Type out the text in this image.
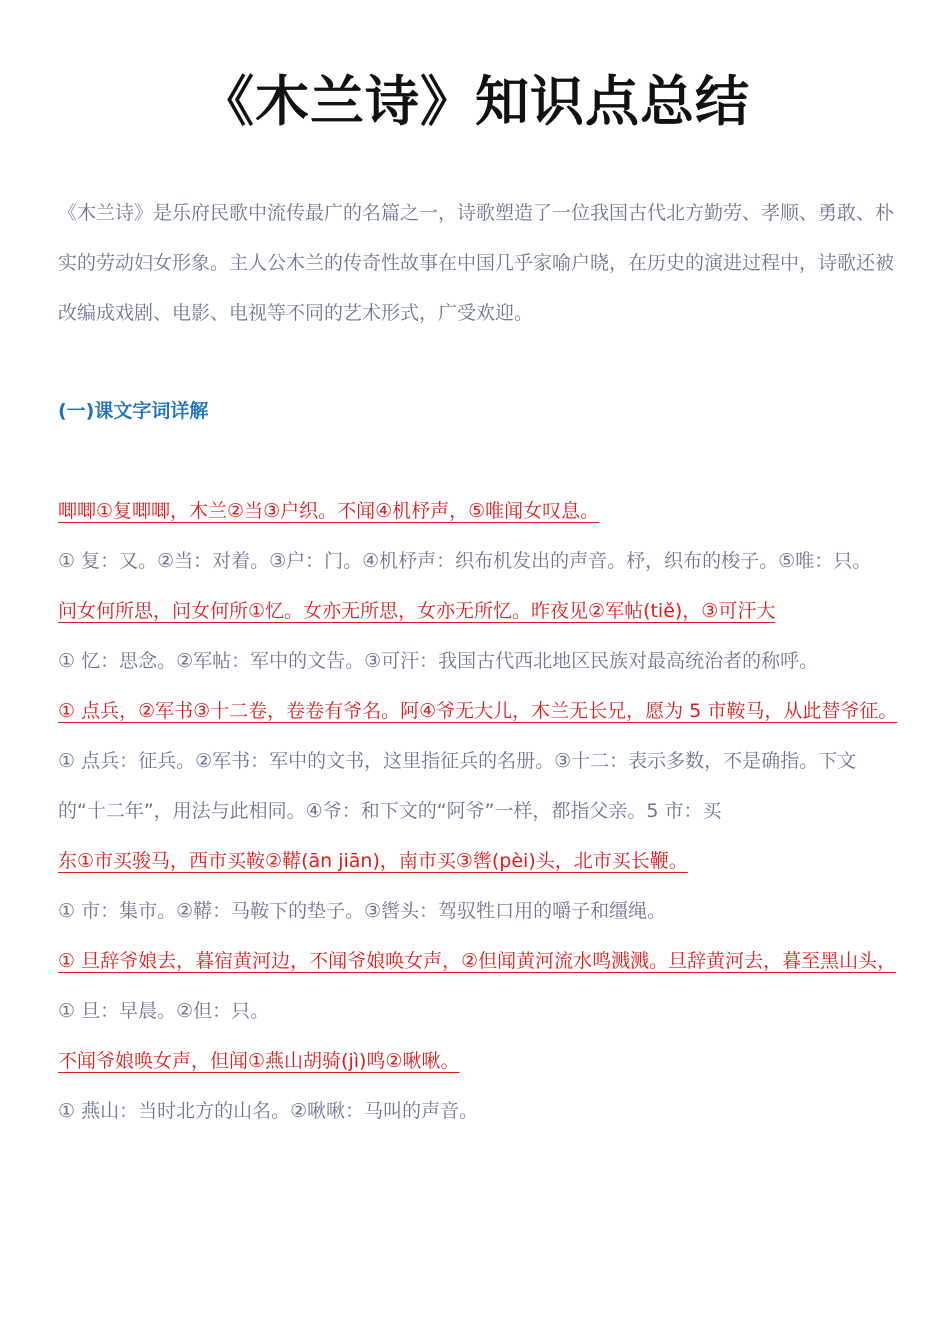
《木兰诗》知识点总结

《木兰诗》是乐府民歌中流传最广的名篇之一，诗歌塑造了一位我国古代北方勤劳、孝顺、勇敢、朴实的劳动妇女形象。主人公木兰的传奇性故事在中国几乎家喻户晓，在历史的演进过程中，诗歌还被改编成戏剧、电影、电视等不同的艺术形式，广受欢迎。

(一)课文字词详解

唧唧①复唧唧，木兰②当③户织。不闻④机杼声，⑤唯闻女叹息。

① 复：又。②当：对着。③户：门。④机杼声：织布机发出的声音。杼，织布的梭子。⑤唯：只。

问女何所思，问女何所①忆。女亦无所思，女亦无所忆。昨夜见②军帖(tiě)，③可汗大

① 忆：思念。②军帖：军中的文告。③可汗：我国古代西北地区民族对最高统治者的称呼。

① 点兵，②军书③十二卷，卷卷有爷名。阿④爷无大儿，木兰无长兄，愿为 5 市鞍马，从此替爷征。

① 点兵：征兵。②军书：军中的文书，这里指征兵的名册。③十二：表示多数，不是确指。下文的“十二年”，用法与此相同。④爷：和下文的“阿爷”一样，都指父亲。5 市：买

东①市买骏马，西市买鞍②鞯(ān jiān)，南市买③辔(pèi)头，北市买长鞭。

① 市：集市。②鞯：马鞍下的垫子。③辔头：驾驭牲口用的嚼子和缰绳。

① 旦辞爷娘去，暮宿黄河边，不闻爷娘唤女声，②但闻黄河流水鸣溅溅。旦辞黄河去，暮至黑山头，

① 旦：早晨。②但：只。

不闻爷娘唤女声，但闻①燕山胡骑(jì)鸣②啾啾。

① 燕山：当时北方的山名。②啾啾：马叫的声音。
